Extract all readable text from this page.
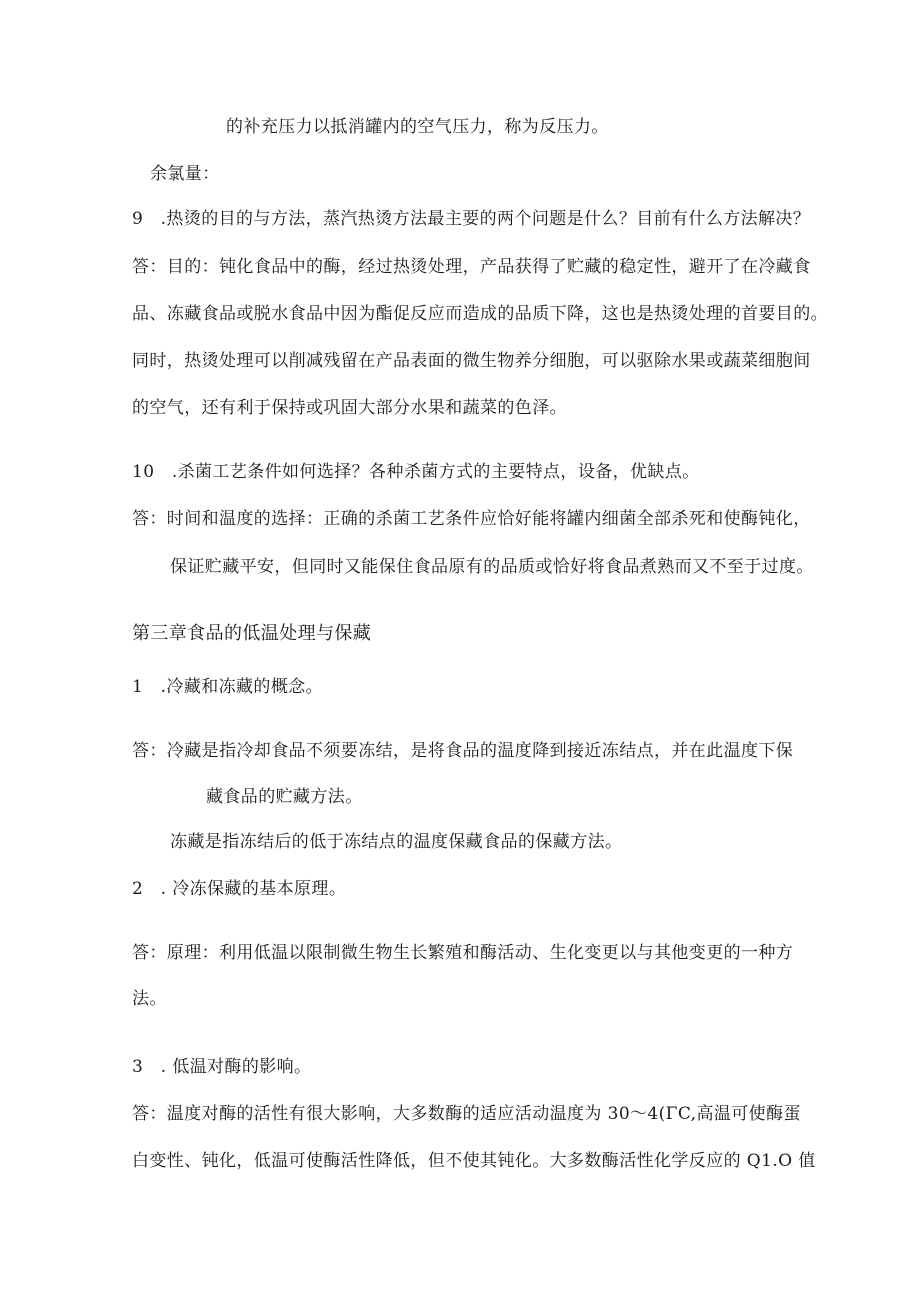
的补充压力以抵消罐内的空气压力，称为反压力。
余氯量：
9　.热烫的目的与方法，蒸汽热烫方法最主要的两个问题是什么？目前有什么方法解决？
答：目的：钝化食品中的酶，经过热烫处理，产品获得了贮藏的稳定性，避开了在冷藏食
品、冻藏食品或脱水食品中因为酯促反应而造成的品质下降，这也是热烫处理的首要目的。
同时，热烫处理可以削减残留在产品表面的微生物养分细胞，可以驱除水果或蔬菜细胞间
的空气，还有利于保持或巩固大部分水果和蔬菜的色泽。
10　.杀菌工艺条件如何选择？各种杀菌方式的主要特点，设备，优缺点。
答：时间和温度的选择：正确的杀菌工艺条件应恰好能将罐内细菌全部杀死和使酶钝化，
保证贮藏平安，但同时又能保住食品原有的品质或恰好将食品煮熟而又不至于过度。
第三章食品的低温处理与保藏
1　.冷藏和冻藏的概念。
答：冷藏是指冷却食品不须要冻结，是将食品的温度降到接近冻结点，并在此温度下保
藏食品的贮藏方法。
冻藏是指冻结后的低于冻结点的温度保藏食品的保藏方法。
2　. 冷冻保藏的基本原理。
答：原理：利用低温以限制微生物生长繁殖和酶活动、生化变更以与其他变更的一种方
法。
3　. 低温对酶的影响。
答：温度对酶的活性有很大影响，大多数酶的适应活动温度为 30～4(ΓC,高温可使酶蛋
白变性、钝化，低温可使酶活性降低，但不使其钝化。大多数酶活性化学反应的 Q1.O 值
